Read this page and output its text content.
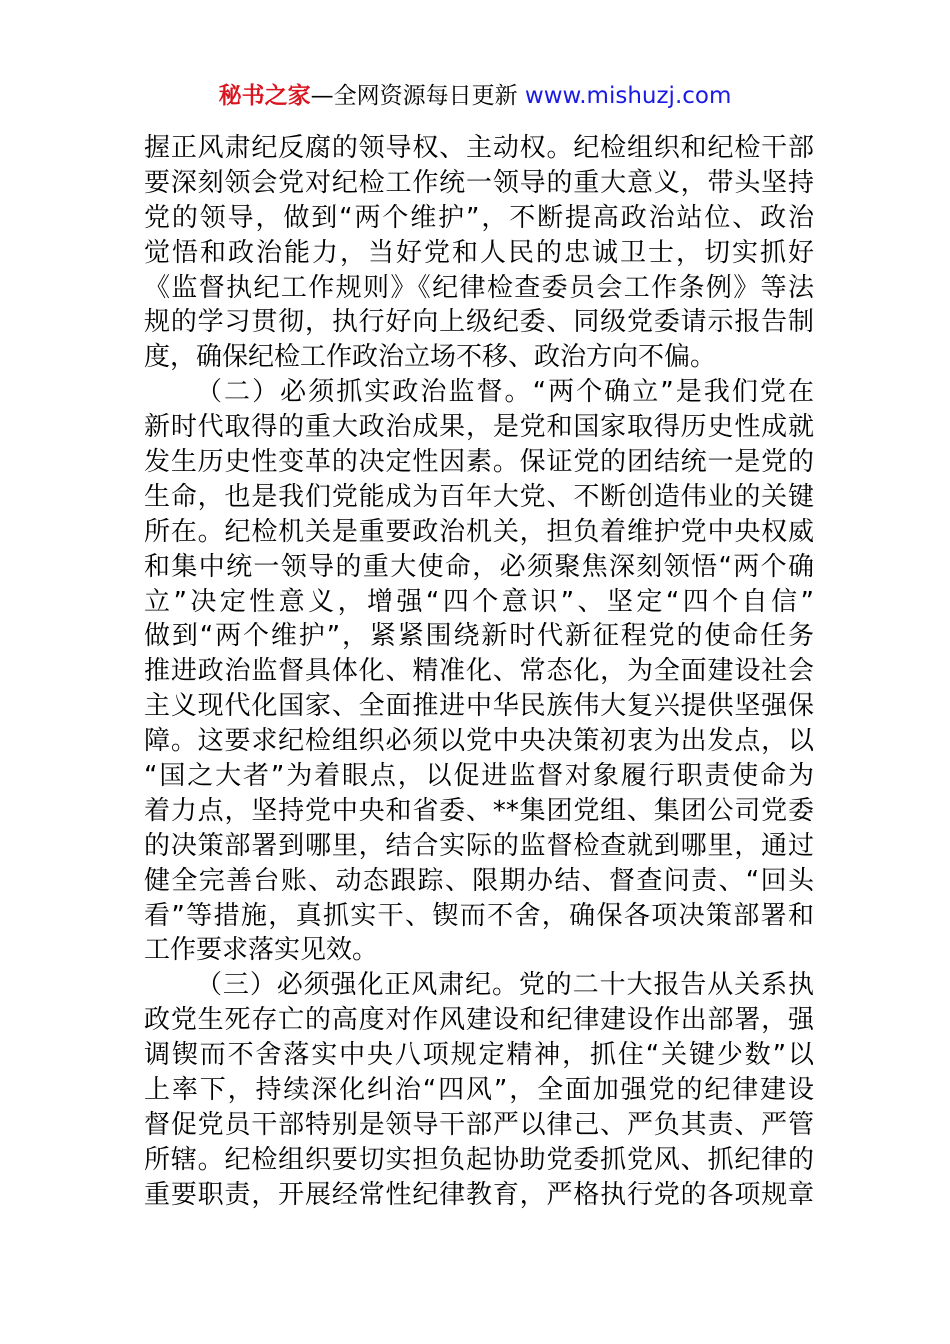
秘书之家—全网资源每日更新 www.mishuzj.com
握正风肃纪反腐的领导权、主动权。纪检组织和纪检干部
要深刻领会党对纪检工作统一领导的重大意义，带头坚持
党的领导，做到“两个维护”，不断提高政治站位、政治
觉悟和政治能力，当好党和人民的忠诚卫士，切实抓好
《监督执纪工作规则》《纪律检查委员会工作条例》等法
规的学习贯彻，执行好向上级纪委、同级党委请示报告制
度，确保纪检工作政治立场不移、政治方向不偏。
（二）必须抓实政治监督。“两个确立”是我们党在
新时代取得的重大政治成果，是党和国家取得历史性成就
发生历史性变革的决定性因素。保证党的团结统一是党的
生命，也是我们党能成为百年大党、不断创造伟业的关键
所在。纪检机关是重要政治机关，担负着维护党中央权威
和集中统一领导的重大使命，必须聚焦深刻领悟“两个确
立”决定性意义，增强“四个意识”、坚定“四个自信”
做到“两个维护”，紧紧围绕新时代新征程党的使命任务
推进政治监督具体化、精准化、常态化，为全面建设社会
主义现代化国家、全面推进中华民族伟大复兴提供坚强保
障。这要求纪检组织必须以党中央决策初衷为出发点，以
“国之大者”为着眼点，以促进监督对象履行职责使命为
着力点，坚持党中央和省委、**集团党组、集团公司党委
的决策部署到哪里，结合实际的监督检查就到哪里，通过
健全完善台账、动态跟踪、限期办结、督查问责、“回头
看”等措施，真抓实干、锲而不舍，确保各项决策部署和
工作要求落实见效。
（三）必须强化正风肃纪。党的二十大报告从关系执
政党生死存亡的高度对作风建设和纪律建设作出部署，强
调锲而不舍落实中央八项规定精神，抓住“关键少数”以
上率下，持续深化纠治“四风”，全面加强党的纪律建设
督促党员干部特别是领导干部严以律己、严负其责、严管
所辖。纪检组织要切实担负起协助党委抓党风、抓纪律的
重要职责，开展经常性纪律教育，严格执行党的各项规章
